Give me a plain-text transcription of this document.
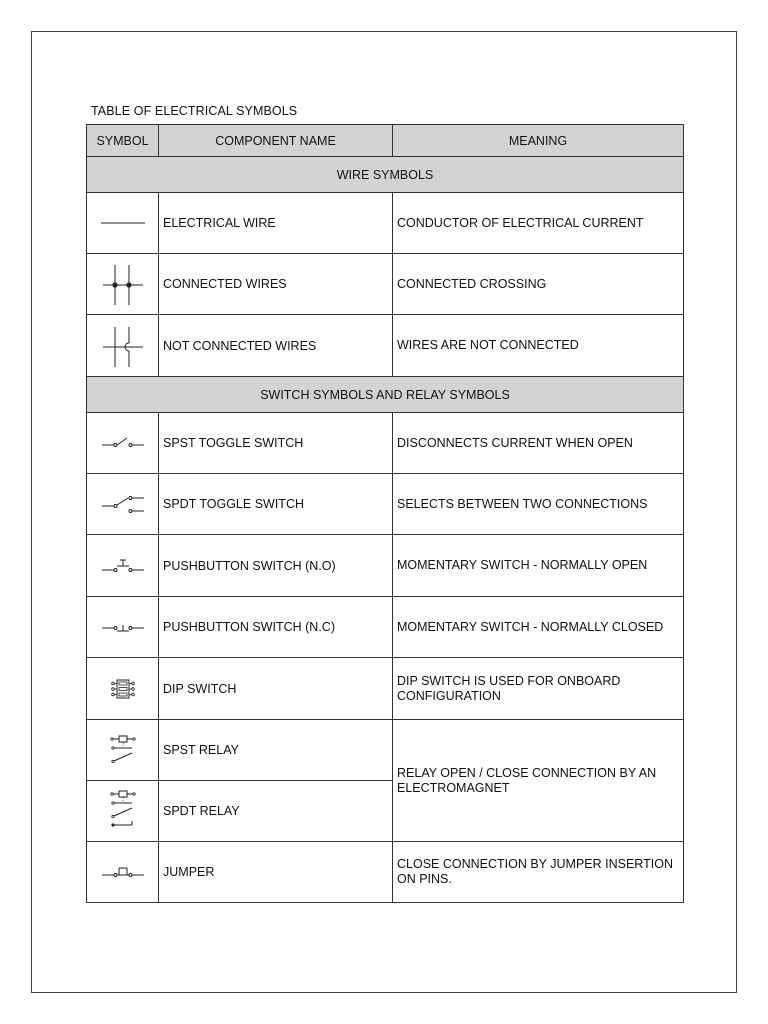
TABLE OF ELECTRICAL SYMBOLS
SYMBOL	COMPONENT NAME	MEANING
WIRE SYMBOLS		

	ELECTRICAL WIRE	CONDUCTOR OF ELECTRICAL CURRENT

	CONNECTED WIRES	CONNECTED CROSSING

	NOT CONNECTED WIRES	WIRES ARE NOT CONNECTED
SWITCH SYMBOLS AND RELAY SYMBOLS		

	SPST TOGGLE SWITCH	DISCONNECTS CURRENT WHEN OPEN

	SPDT TOGGLE SWITCH	SELECTS BETWEEN TWO CONNECTIONS

	PUSHBUTTON SWITCH (N.O)	MOMENTARY SWITCH - NORMALLY OPEN

	PUSHBUTTON SWITCH (N.C)	MOMENTARY SWITCH - NORMALLY CLOSED

	DIP SWITCH	DIP SWITCH IS USED FOR ONBOARD CONFIGURATION

	SPST RELAY	RELAY OPEN / CLOSE CONNECTION BY AN ELECTROMAGNET

	SPDT RELAY	

	JUMPER	CLOSE CONNECTION BY JUMPER INSERTION ON PINS.
